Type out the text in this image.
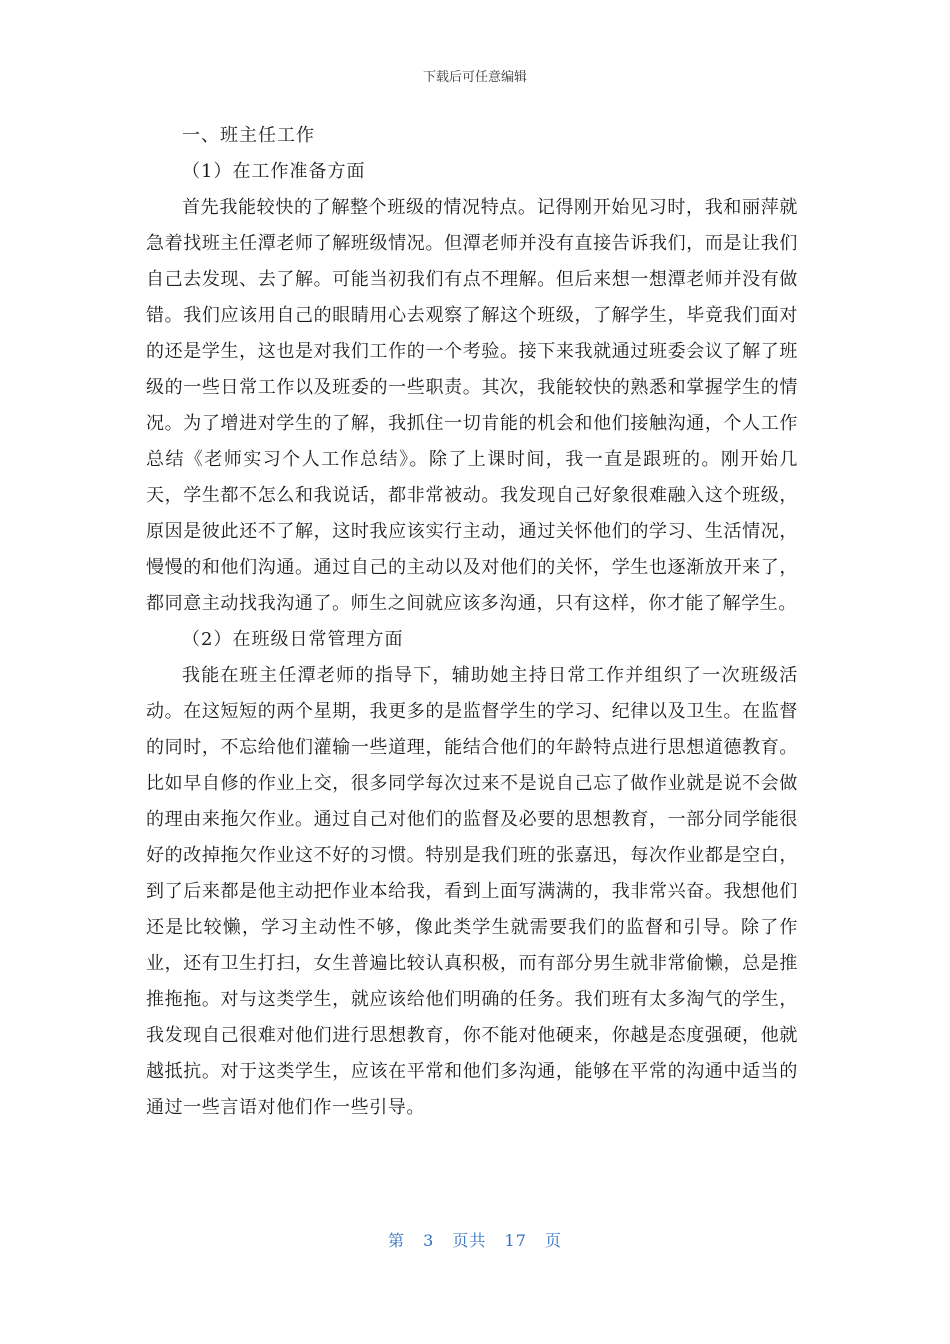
下载后可任意编辑

一、班主任工作

（1）在工作准备方面

首先我能较快的了解整个班级的情况特点。记得刚开始见习时，我和丽萍就急着找班主任潭老师了解班级情况。但潭老师并没有直接告诉我们，而是让我们自己去发现、去了解。可能当初我们有点不理解。但后来想一想潭老师并没有做错。我们应该用自己的眼睛用心去观察了解这个班级，了解学生，毕竟我们面对的还是学生，这也是对我们工作的一个考验。接下来我就通过班委会议了解了班级的一些日常工作以及班委的一些职责。其次，我能较快的熟悉和掌握学生的情况。为了增进对学生的了解，我抓住一切肯能的机会和他们接触沟通，个人工作总结《老师实习个人工作总结》。除了上课时间，我一直是跟班的。刚开始几天，学生都不怎么和我说话，都非常被动。我发现自己好象很难融入这个班级，原因是彼此还不了解，这时我应该实行主动，通过关怀他们的学习、生活情况，慢慢的和他们沟通。通过自己的主动以及对他们的关怀，学生也逐渐放开来了，都同意主动找我沟通了。师生之间就应该多沟通，只有这样，你才能了解学生。

（2）在班级日常管理方面

我能在班主任潭老师的指导下，辅助她主持日常工作并组织了一次班级活动。在这短短的两个星期，我更多的是监督学生的学习、纪律以及卫生。在监督的同时，不忘给他们灌输一些道理，能结合他们的年龄特点进行思想道德教育。比如早自修的作业上交，很多同学每次过来不是说自己忘了做作业就是说不会做的理由来拖欠作业。通过自己对他们的监督及必要的思想教育，一部分同学能很好的改掉拖欠作业这不好的习惯。特别是我们班的张嘉迅，每次作业都是空白，到了后来都是他主动把作业本给我，看到上面写满满的，我非常兴奋。我想他们还是比较懒，学习主动性不够，像此类学生就需要我们的监督和引导。除了作业，还有卫生打扫，女生普遍比较认真积极，而有部分男生就非常偷懒，总是推推拖拖。对与这类学生，就应该给他们明确的任务。我们班有太多淘气的学生，我发现自己很难对他们进行思想教育，你不能对他硬来，你越是态度强硬，他就越抵抗。对于这类学生，应该在平常和他们多沟通，能够在平常的沟通中适当的通过一些言语对他们作一些引导。

第 3 页共 17 页
